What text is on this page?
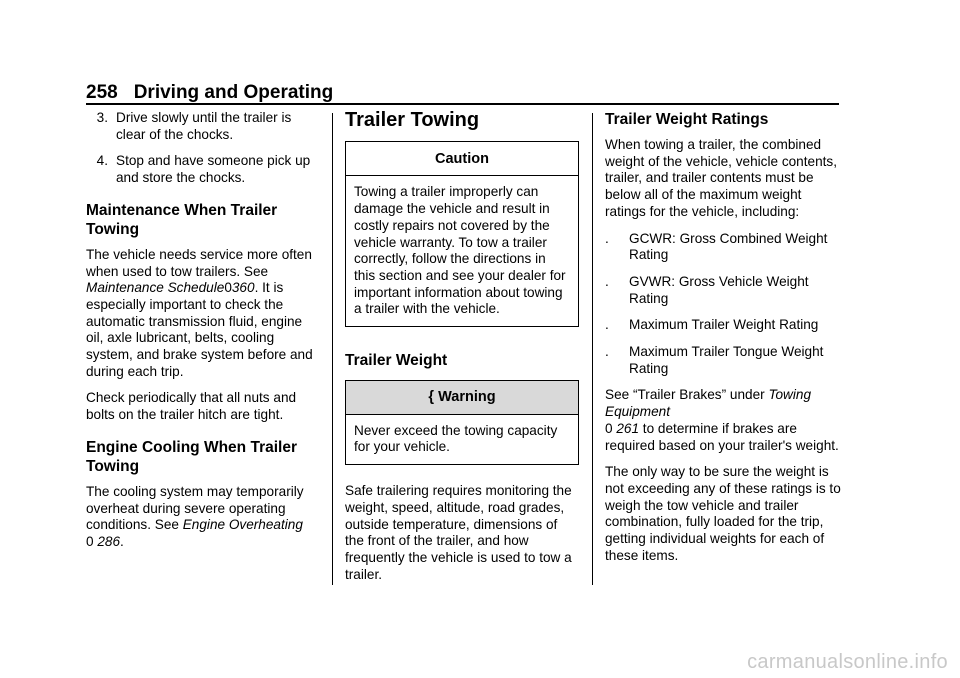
258 Driving and Operating
3. Drive slowly until the trailer is clear of the chocks.
4. Stop and have someone pick up and store the chocks.
Maintenance When Trailer Towing

The vehicle needs service more often when used to tow trailers. See Maintenance Schedule0360. It is especially important to check the automatic transmission fluid, engine oil, axle lubricant, belts, cooling system, and brake system before and during each trip.

Check periodically that all nuts and bolts on the trailer hitch are tight.

Engine Cooling When Trailer Towing

The cooling system may temporarily overheat during severe operating conditions. See Engine Overheating
0 286.

Trailer Towing
Caution
Towing a trailer improperly can damage the vehicle and result in costly repairs not covered by the vehicle warranty. To tow a trailer correctly, follow the directions in this section and see your dealer for important information about towing a trailer with the vehicle.
Trailer Weight
{ Warning
Never exceed the towing capacity for your vehicle.

Safe trailering requires monitoring the weight, speed, altitude, road grades, outside temperature, dimensions of the front of the trailer, and how frequently the vehicle is used to tow a trailer.

Trailer Weight Ratings

When towing a trailer, the combined weight of the vehicle, vehicle contents, trailer, and trailer contents must be below all of the maximum weight ratings for the vehicle, including:

.	GCWR: Gross Combined Weight Rating
.	GVWR: Gross Vehicle Weight Rating
.	Maximum Trailer Weight Rating
.	Maximum Trailer Tongue Weight Rating

See “Trailer Brakes” under Towing Equipment
0 261 to determine if brakes are required based on your trailer's weight.

The only way to be sure the weight is not exceeding any of these ratings is to weigh the tow vehicle and trailer combination, fully loaded for the trip, getting individual weights for each of these items.

carmanualsonline.info
